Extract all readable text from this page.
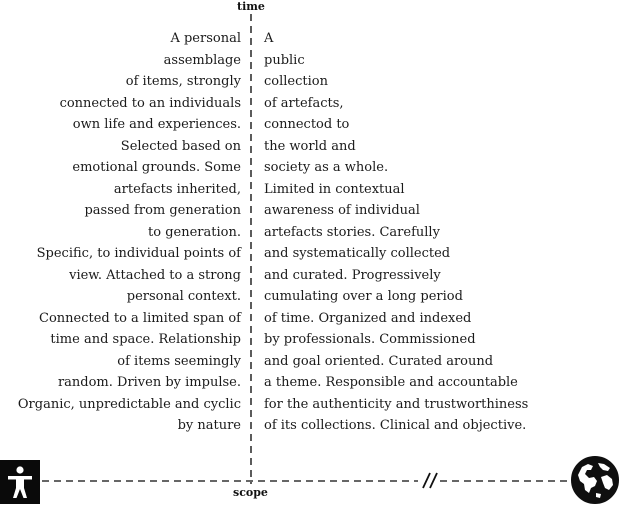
time
scope
A personal
assemblage
of items, strongly
connected to an individuals
own life and experiences.
Selected based on
emotional grounds. Some
artefacts inherited,
passed from generation
to generation.
Specific, to individual points of
view. Attached to a strong
personal context.
Connected to a limited span of
time and space. Relationship
of items seemingly
random. Driven by impulse.
Organic, unpredictable and cyclic
by nature
A
public
collection
of artefacts,
connectod to
the world and
society as a whole.
Limited in contextual
awareness of individual
artefacts stories. Carefully
and systematically collected
and curated. Progressively
cumulating over a long period
of time. Organized and indexed
by professionals. Commissioned
and goal oriented. Curated around
a theme. Responsible and accountable
for the authenticity and trustworthiness
of its collections. Clinical and objective.
